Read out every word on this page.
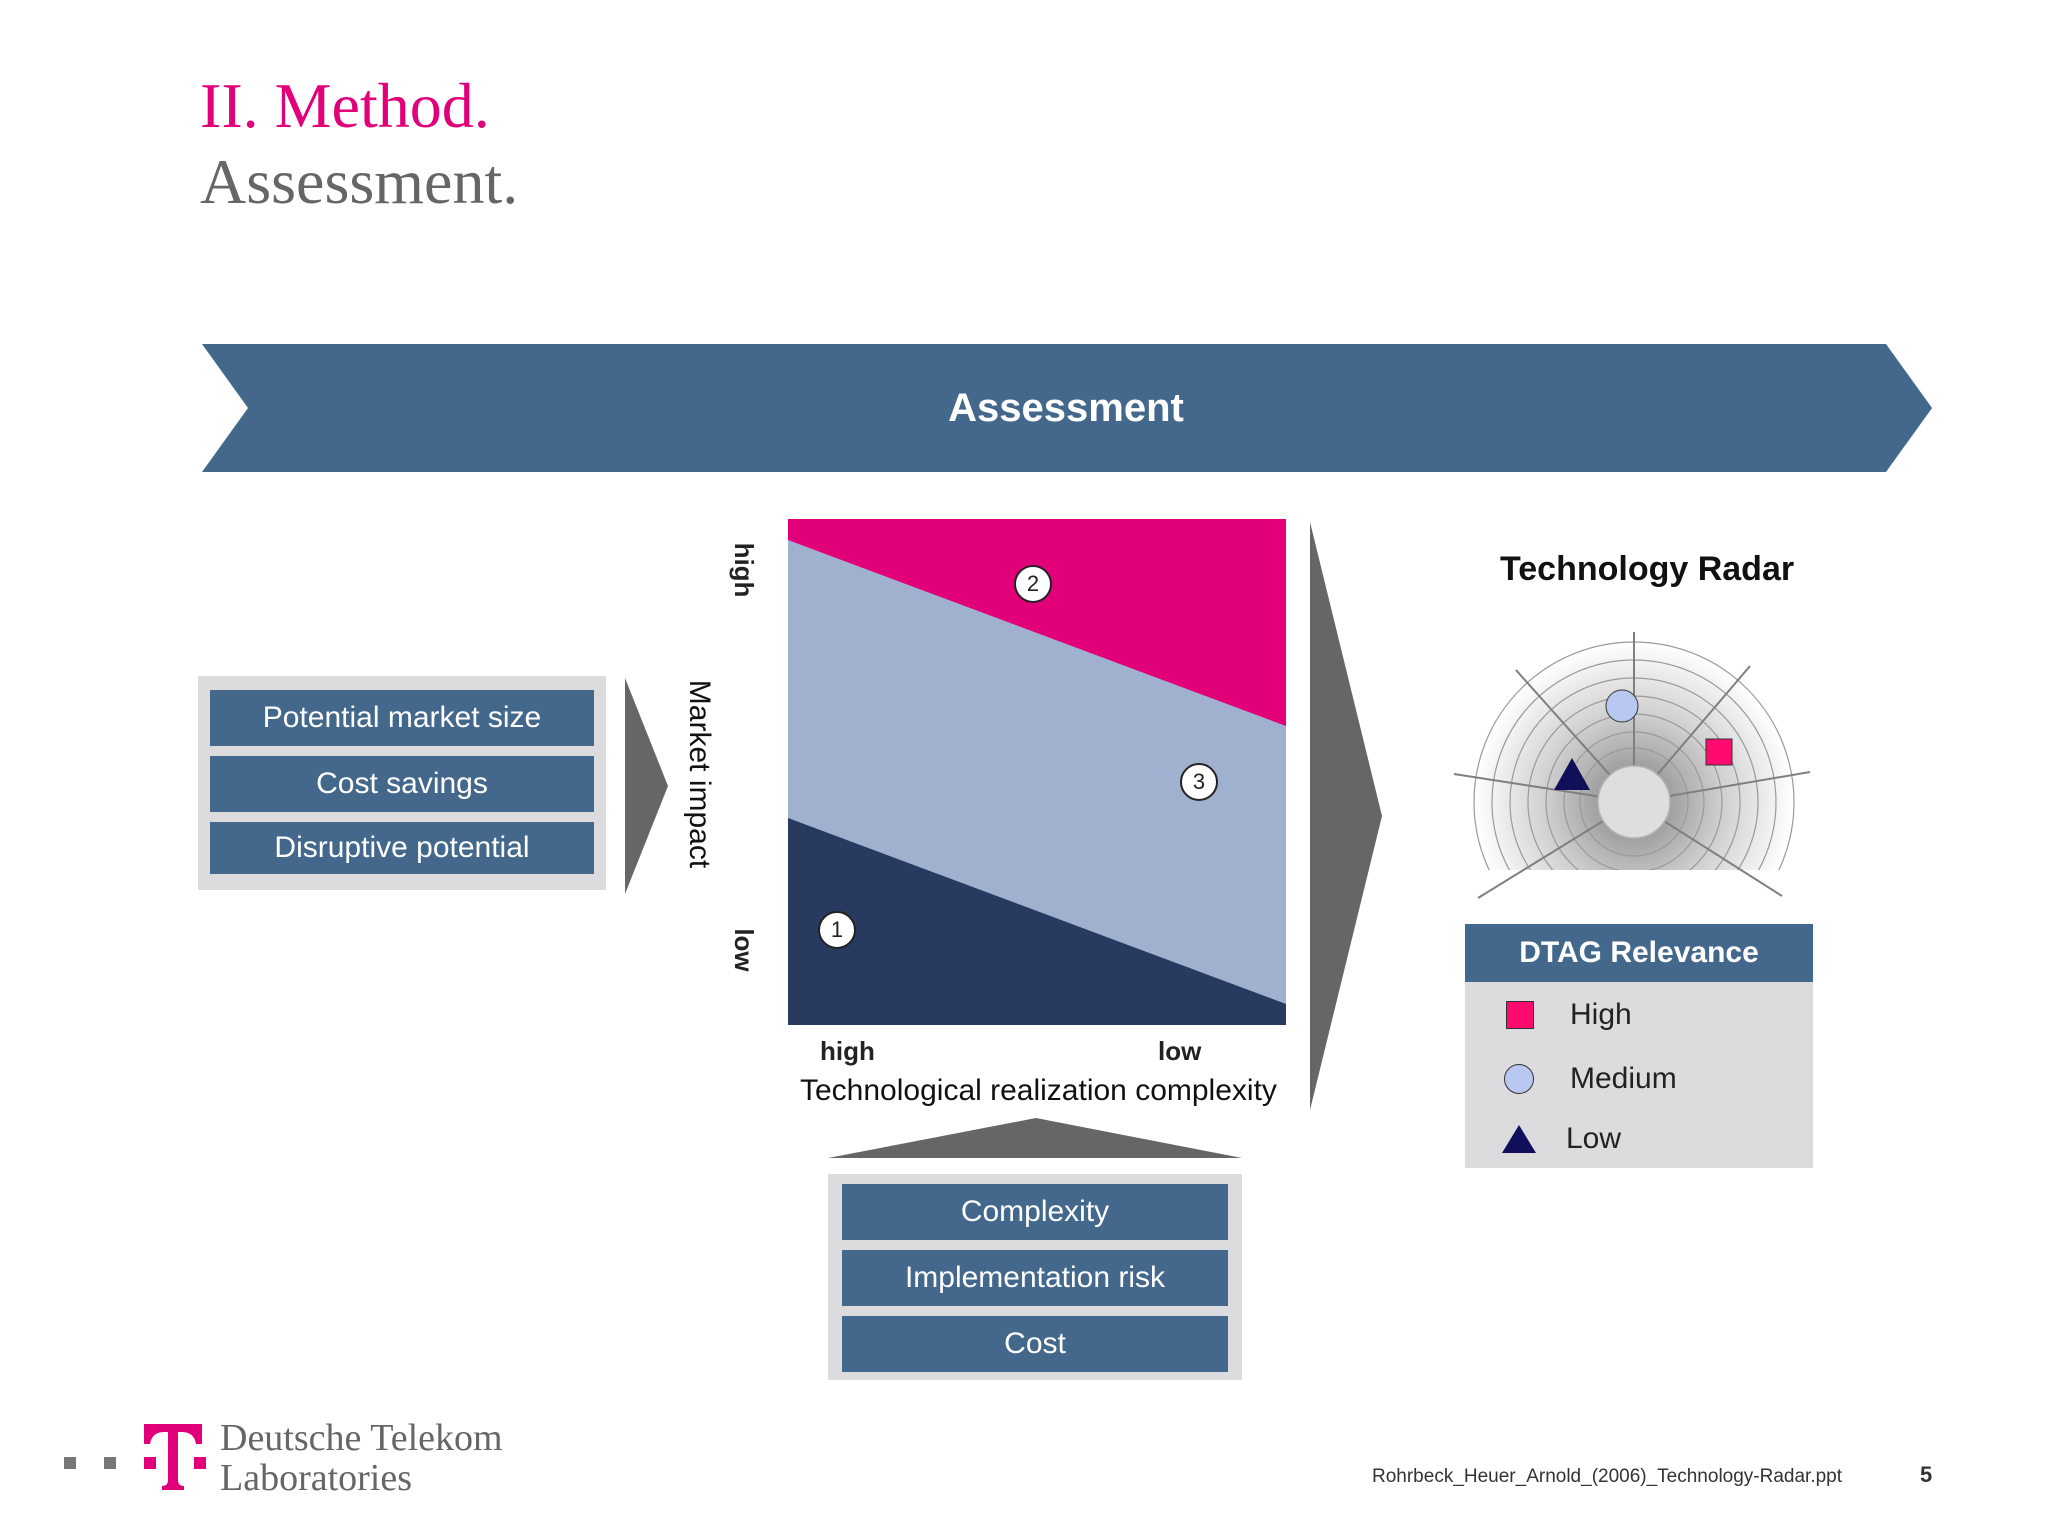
II. Method.
Assessment.
Assessment
Potential market size
Cost savings
Disruptive potential
high
low
Market impact
2
3
1
high	low
Technological realization complexity
Complexity
Implementation risk
Cost
Technology Radar
DTAG Relevance
High
Medium
Low
Deutsche Telekom
Laboratories	Rohrbeck_Heuer_Arnold_(2006)_Technology-Radar.ppt	5
